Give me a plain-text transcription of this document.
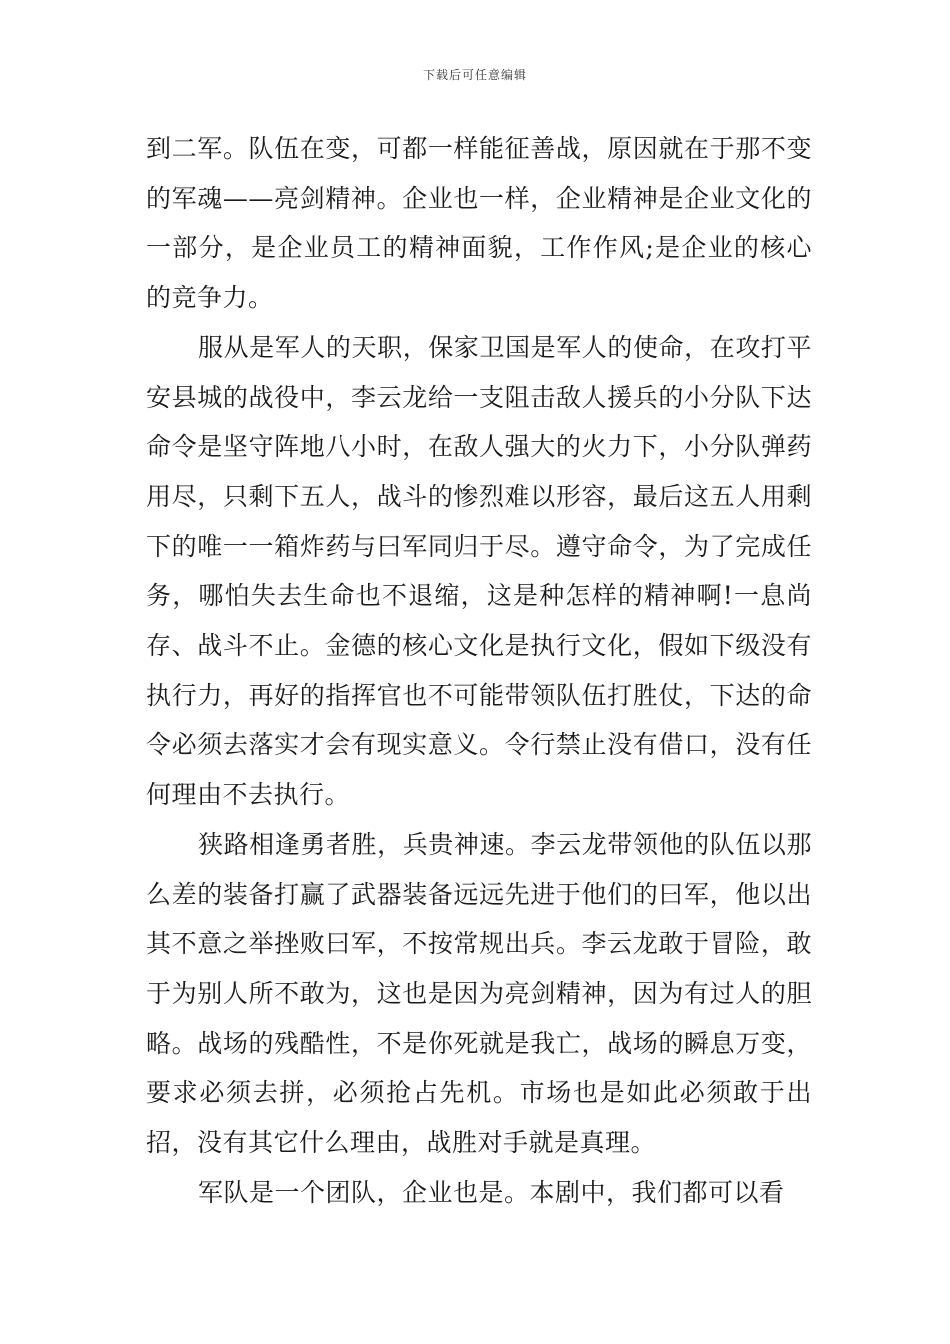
下载后可任意编辑

到二军。队伍在变，可都一样能征善战，原因就在于那不变的军魂——亮剑精神。企业也一样，企业精神是企业文化的一部分，是企业员工的精神面貌，工作作风;是企业的核心的竞争力。

服从是军人的天职，保家卫国是军人的使命，在攻打平安县城的战役中，李云龙给一支阻击敌人援兵的小分队下达命令是坚守阵地八小时，在敌人强大的火力下，小分队弹药用尽，只剩下五人，战斗的惨烈难以形容，最后这五人用剩下的唯一一箱炸药与曰军同归于尽。遵守命令，为了完成任务，哪怕失去生命也不退缩，这是种怎样的精神啊!一息尚存、战斗不止。金德的核心文化是执行文化，假如下级没有执行力，再好的指挥官也不可能带领队伍打胜仗，下达的命令必须去落实才会有现实意义。令行禁止没有借口，没有任何理由不去执行。

狭路相逢勇者胜，兵贵神速。李云龙带领他的队伍以那么差的装备打赢了武器装备远远先进于他们的曰军，他以出其不意之举挫败曰军，不按常规出兵。李云龙敢于冒险，敢于为别人所不敢为，这也是因为亮剑精神，因为有过人的胆略。战场的残酷性，不是你死就是我亡，战场的瞬息万变，要求必须去拼，必须抢占先机。市场也是如此必须敢于出招，没有其它什么理由，战胜对手就是真理。

军队是一个团队，企业也是。本剧中，我们都可以看
